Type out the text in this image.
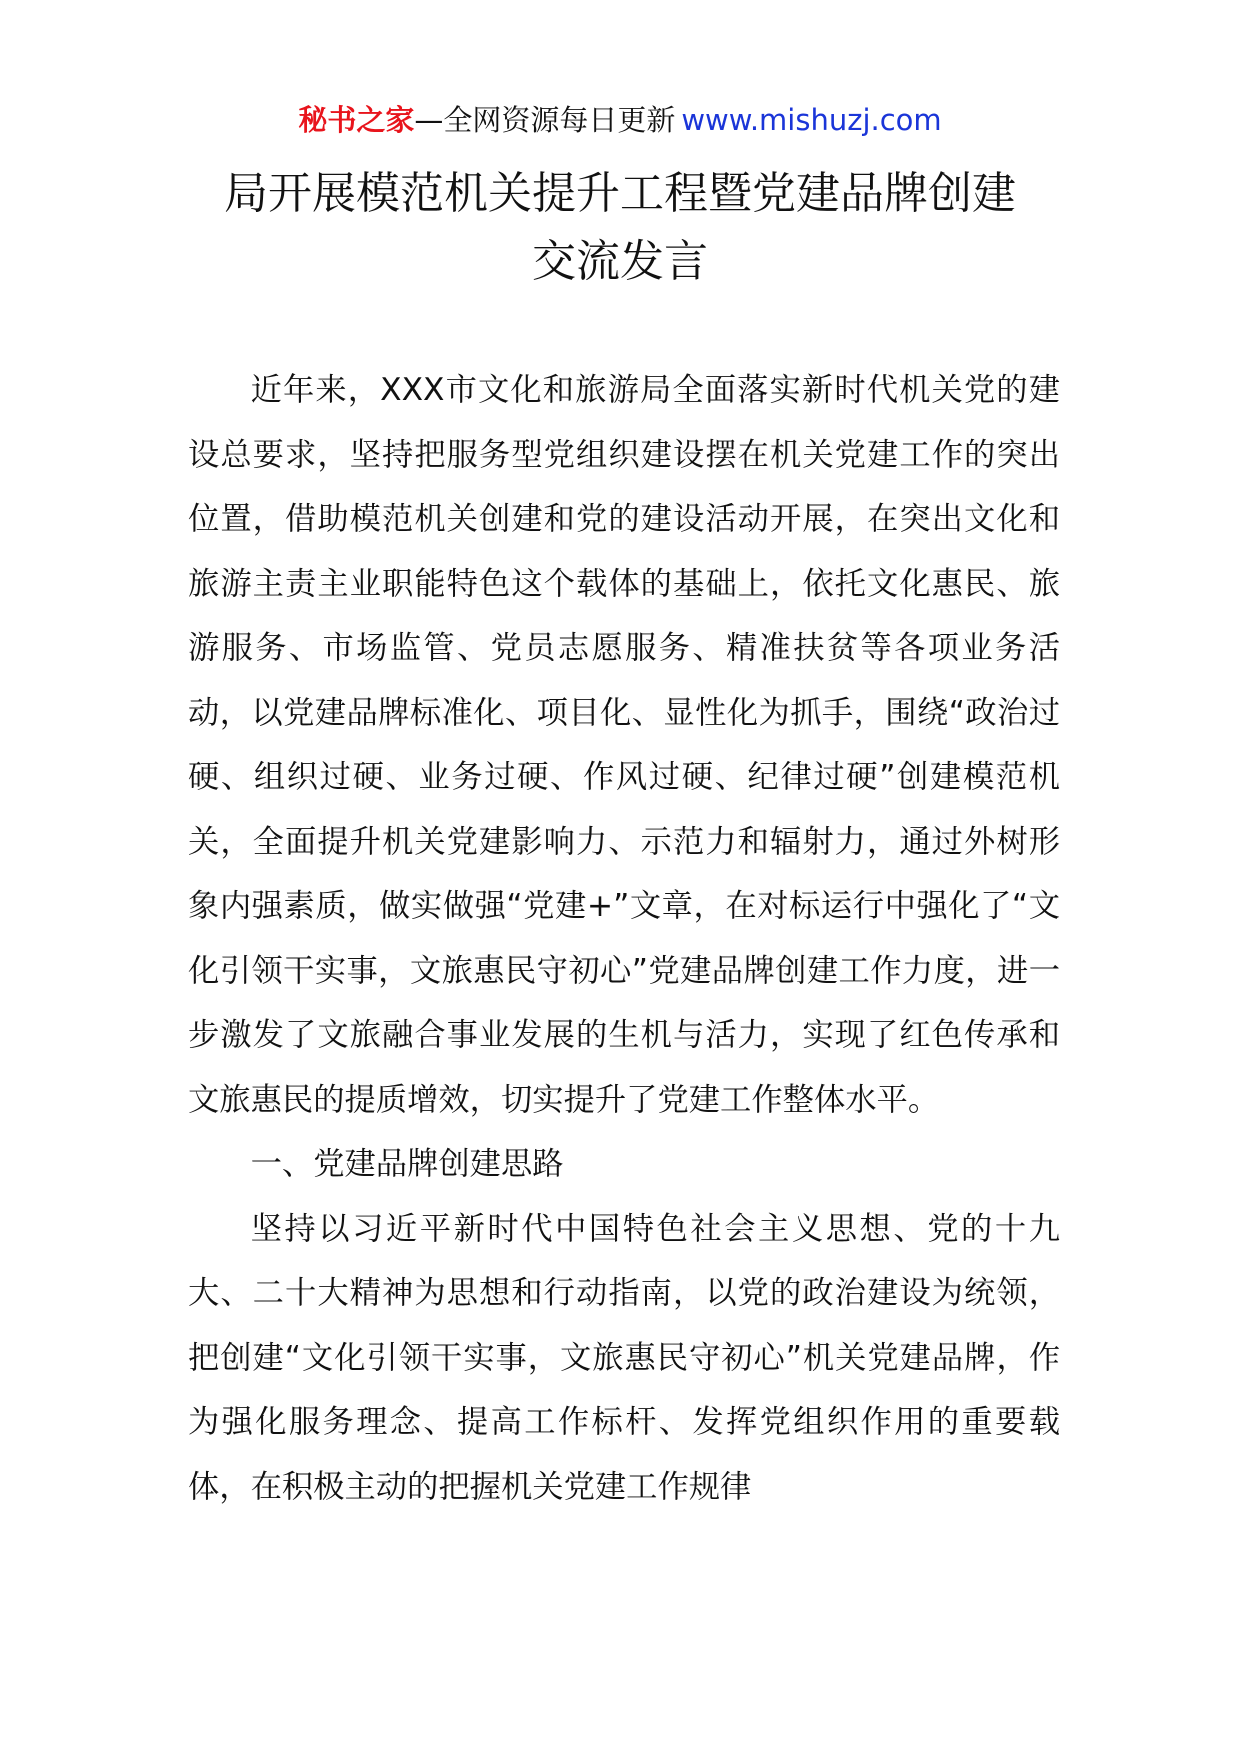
秘书之家—全网资源每日更新 www.mishuzj.com
局开展模范机关提升工程暨党建品牌创建
交流发言

近年来，XXX市文化和旅游局全面落实新时代机关党的建设总要求，坚持把服务型党组织建设摆在机关党建工作的突出位置，借助模范机关创建和党的建设活动开展，在突出文化和旅游主责主业职能特色这个载体的基础上，依托文化惠民、旅游服务、市场监管、党员志愿服务、精准扶贫等各项业务活动，以党建品牌标准化、项目化、显性化为抓手，围绕“政治过硬、组织过硬、业务过硬、作风过硬、纪律过硬”创建模范机关，全面提升机关党建影响力、示范力和辐射力，通过外树形象内强素质，做实做强“党建+”文章，在对标运行中强化了“文化引领干实事，文旅惠民守初心”党建品牌创建工作力度，进一步激发了文旅融合事业发展的生机与活力，实现了红色传承和文旅惠民的提质增效，切实提升了党建工作整体水平。

一、党建品牌创建思路

坚持以习近平新时代中国特色社会主义思想、党的十九大、二十大精神为思想和行动指南，以党的政治建设为统领，把创建“文化引领干实事，文旅惠民守初心”机关党建品牌，作为强化服务理念、提高工作标杆、发挥党组织作用的重要载体，在积极主动的把握机关党建工作规律
